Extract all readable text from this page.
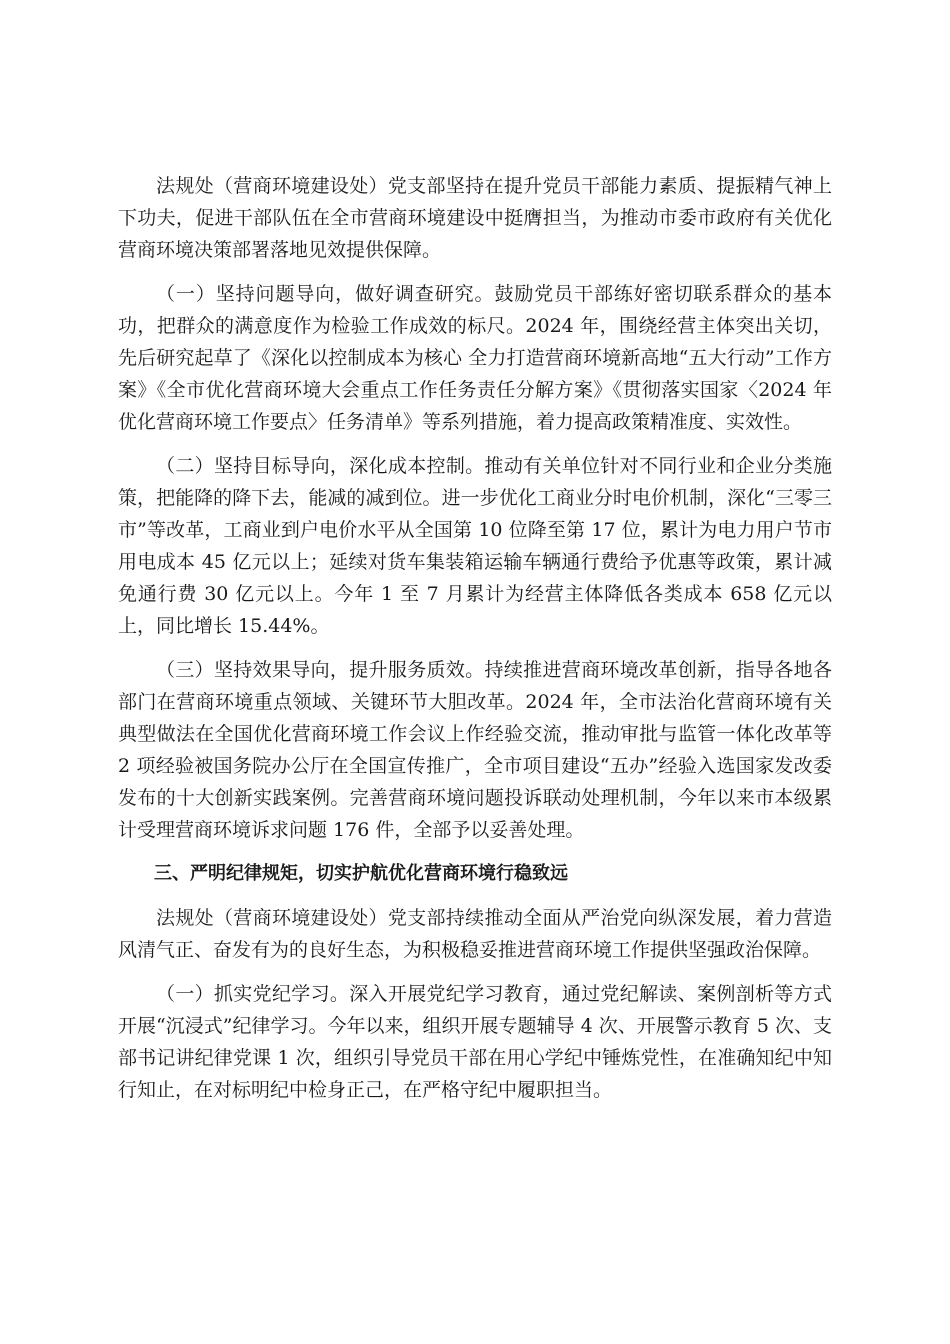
法规处（营商环境建设处）党支部坚持在提升党员干部能力素质、提振精气神上下功夫，促进干部队伍在全市营商环境建设中挺膺担当，为推动市委市政府有关优化营商环境决策部署落地见效提供保障。

（一）坚持问题导向，做好调查研究。鼓励党员干部练好密切联系群众的基本功，把群众的满意度作为检验工作成效的标尺。2024 年，围绕经营主体突出关切，先后研究起草了《深化以控制成本为核心 全力打造营商环境新高地“五大行动”工作方案》《全市优化营商环境大会重点工作任务责任分解方案》《贯彻落实国家〈2024 年优化营商环境工作要点〉任务清单》等系列措施，着力提高政策精准度、实效性。

（二）坚持目标导向，深化成本控制。推动有关单位针对不同行业和企业分类施策，把能降的降下去，能减的减到位。进一步优化工商业分时电价机制，深化“三零三市”等改革，工商业到户电价水平从全国第 10 位降至第 17 位，累计为电力用户节市用电成本 45 亿元以上；延续对货车集装箱运输车辆通行费给予优惠等政策，累计减免通行费 30 亿元以上。今年 1 至 7 月累计为经营主体降低各类成本 658 亿元以上，同比增长 15.44%。

（三）坚持效果导向，提升服务质效。持续推进营商环境改革创新，指导各地各部门在营商环境重点领域、关键环节大胆改革。2024 年，全市法治化营商环境有关典型做法在全国优化营商环境工作会议上作经验交流，推动审批与监管一体化改革等 2 项经验被国务院办公厅在全国宣传推广，全市项目建设“五办”经验入选国家发改委发布的十大创新实践案例。完善营商环境问题投诉联动处理机制，今年以来市本级累计受理营商环境诉求问题 176 件，全部予以妥善处理。

三、严明纪律规矩，切实护航优化营商环境行稳致远

法规处（营商环境建设处）党支部持续推动全面从严治党向纵深发展，着力营造风清气正、奋发有为的良好生态，为积极稳妥推进营商环境工作提供坚强政治保障。

（一）抓实党纪学习。深入开展党纪学习教育，通过党纪解读、案例剖析等方式开展“沉浸式”纪律学习。今年以来，组织开展专题辅导 4 次、开展警示教育 5 次、支部书记讲纪律党课 1 次，组织引导党员干部在用心学纪中锤炼党性，在准确知纪中知行知止，在对标明纪中检身正己，在严格守纪中履职担当。
